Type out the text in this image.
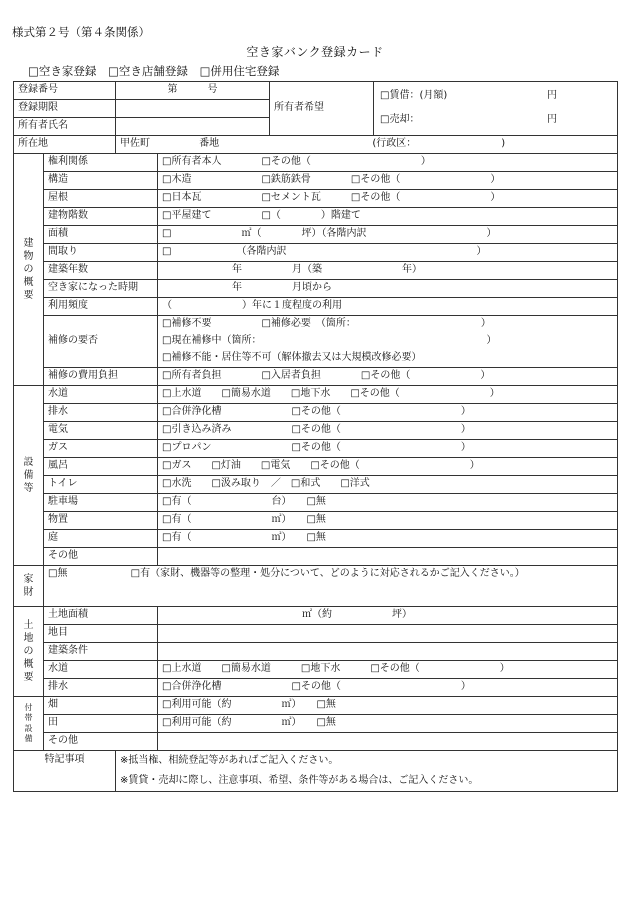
様式第２号（第４条関係）
空き家バンク登録カード
□空き家登録 □空き店舗登録 □併用住宅登録
登録番号		第　　　号		所有者希望	□賃借：(月額) 円
□売却： 円

登録期限					
所有者氏名					
所在地		甲佐町 番地 (行政区：　　　　　　　　　)			

建
物
の
概
要	権利関係		□所有者本人　　　　□その他（　　　　　　　　　　　）		
	構造		□木造　　　　　　　□鉄筋鉄骨　　　　□その他（　　　　　　　　　）		
	屋根		□日本瓦　　　　　　□セメント瓦　　　□その他（　　　　　　　　　）		
	建物階数		□平屋建て　　　　　□（　　　　）階建て		
	面積		□　　　　　　　㎡（　　　　坪）（各階内訳　　　　　　　　　　　　）		
	間取り		□　　　　　　　（各階内訳　　　　　　　　　　　　　　　　　　　）		
	建築年数		　　　　　　　年　　　　　月（築　　　　　　　　年）		
	空き家になった時期		　　　　　　　年　　　　　月頃から		
	利用頻度		（　　　　　　　）年に１度程度の利用		
	補修の要否		□補修不要　　　　　□補修必要　（箇所：　　　　　　　　　　　　　）		
			□現在補修中（箇所：　　　　　　　　　　　　　　　　　　　　　　　）		
			□補修不能・居住等不可（解体撤去又は大規模改修必要）		
	補修の費用負担		□所有者負担　　　　□入居者負担　　　　□その他（　　　　　　　）		

設
備
等	水道		□上水道　　□簡易水道　　□地下水　　□その他（　　　　　　　　　）		
	排水		□合併浄化槽　　　　　　　□その他（　　　　　　　　　　　　）		
	電気		□引き込み済み　　　　　　□その他（　　　　　　　　　　　　）		
	ガス		□プロパン　　　　　　　　□その他（　　　　　　　　　　　　）		
	風呂		□ガス　　□灯油　　□電気　　□その他（　　　　　　　　　　　）		
	トイレ		□水洗　　□汲み取り　／　□和式　　□洋式		
	駐車場		□有（　　　　　　　　台）　　□無		
	物置		□有（　　　　　　　　㎡）　　□無		
	庭		□有（　　　　　　　　㎡）　　□無		
	その他				

家
財	□無 □有（家財、機器等の整理・処分について、どのように対応されるかご記入ください。）				

土
地
の
概
要	土地面積		　　　　　　　　　　　　　　㎡（約　　　　　　坪）		
	地目				
	建築条件				
	水道		□上水道　　□簡易水道　　　□地下水　　　□その他（　　　　　　　　）		
	排水		□合併浄化槽　　　　　　　□その他（　　　　　　　　　　　　）		

付
帯
設
備	畑		□利用可能（約　　　　　㎡）　　□無		
	田		□利用可能（約　　　　　㎡）　　□無		
	その他				
特記事項		※抵当権、相続登記等があればご記入ください。			
		※賃貸・売却に際し、注意事項、希望、条件等がある場合は、ご記入ください。			
